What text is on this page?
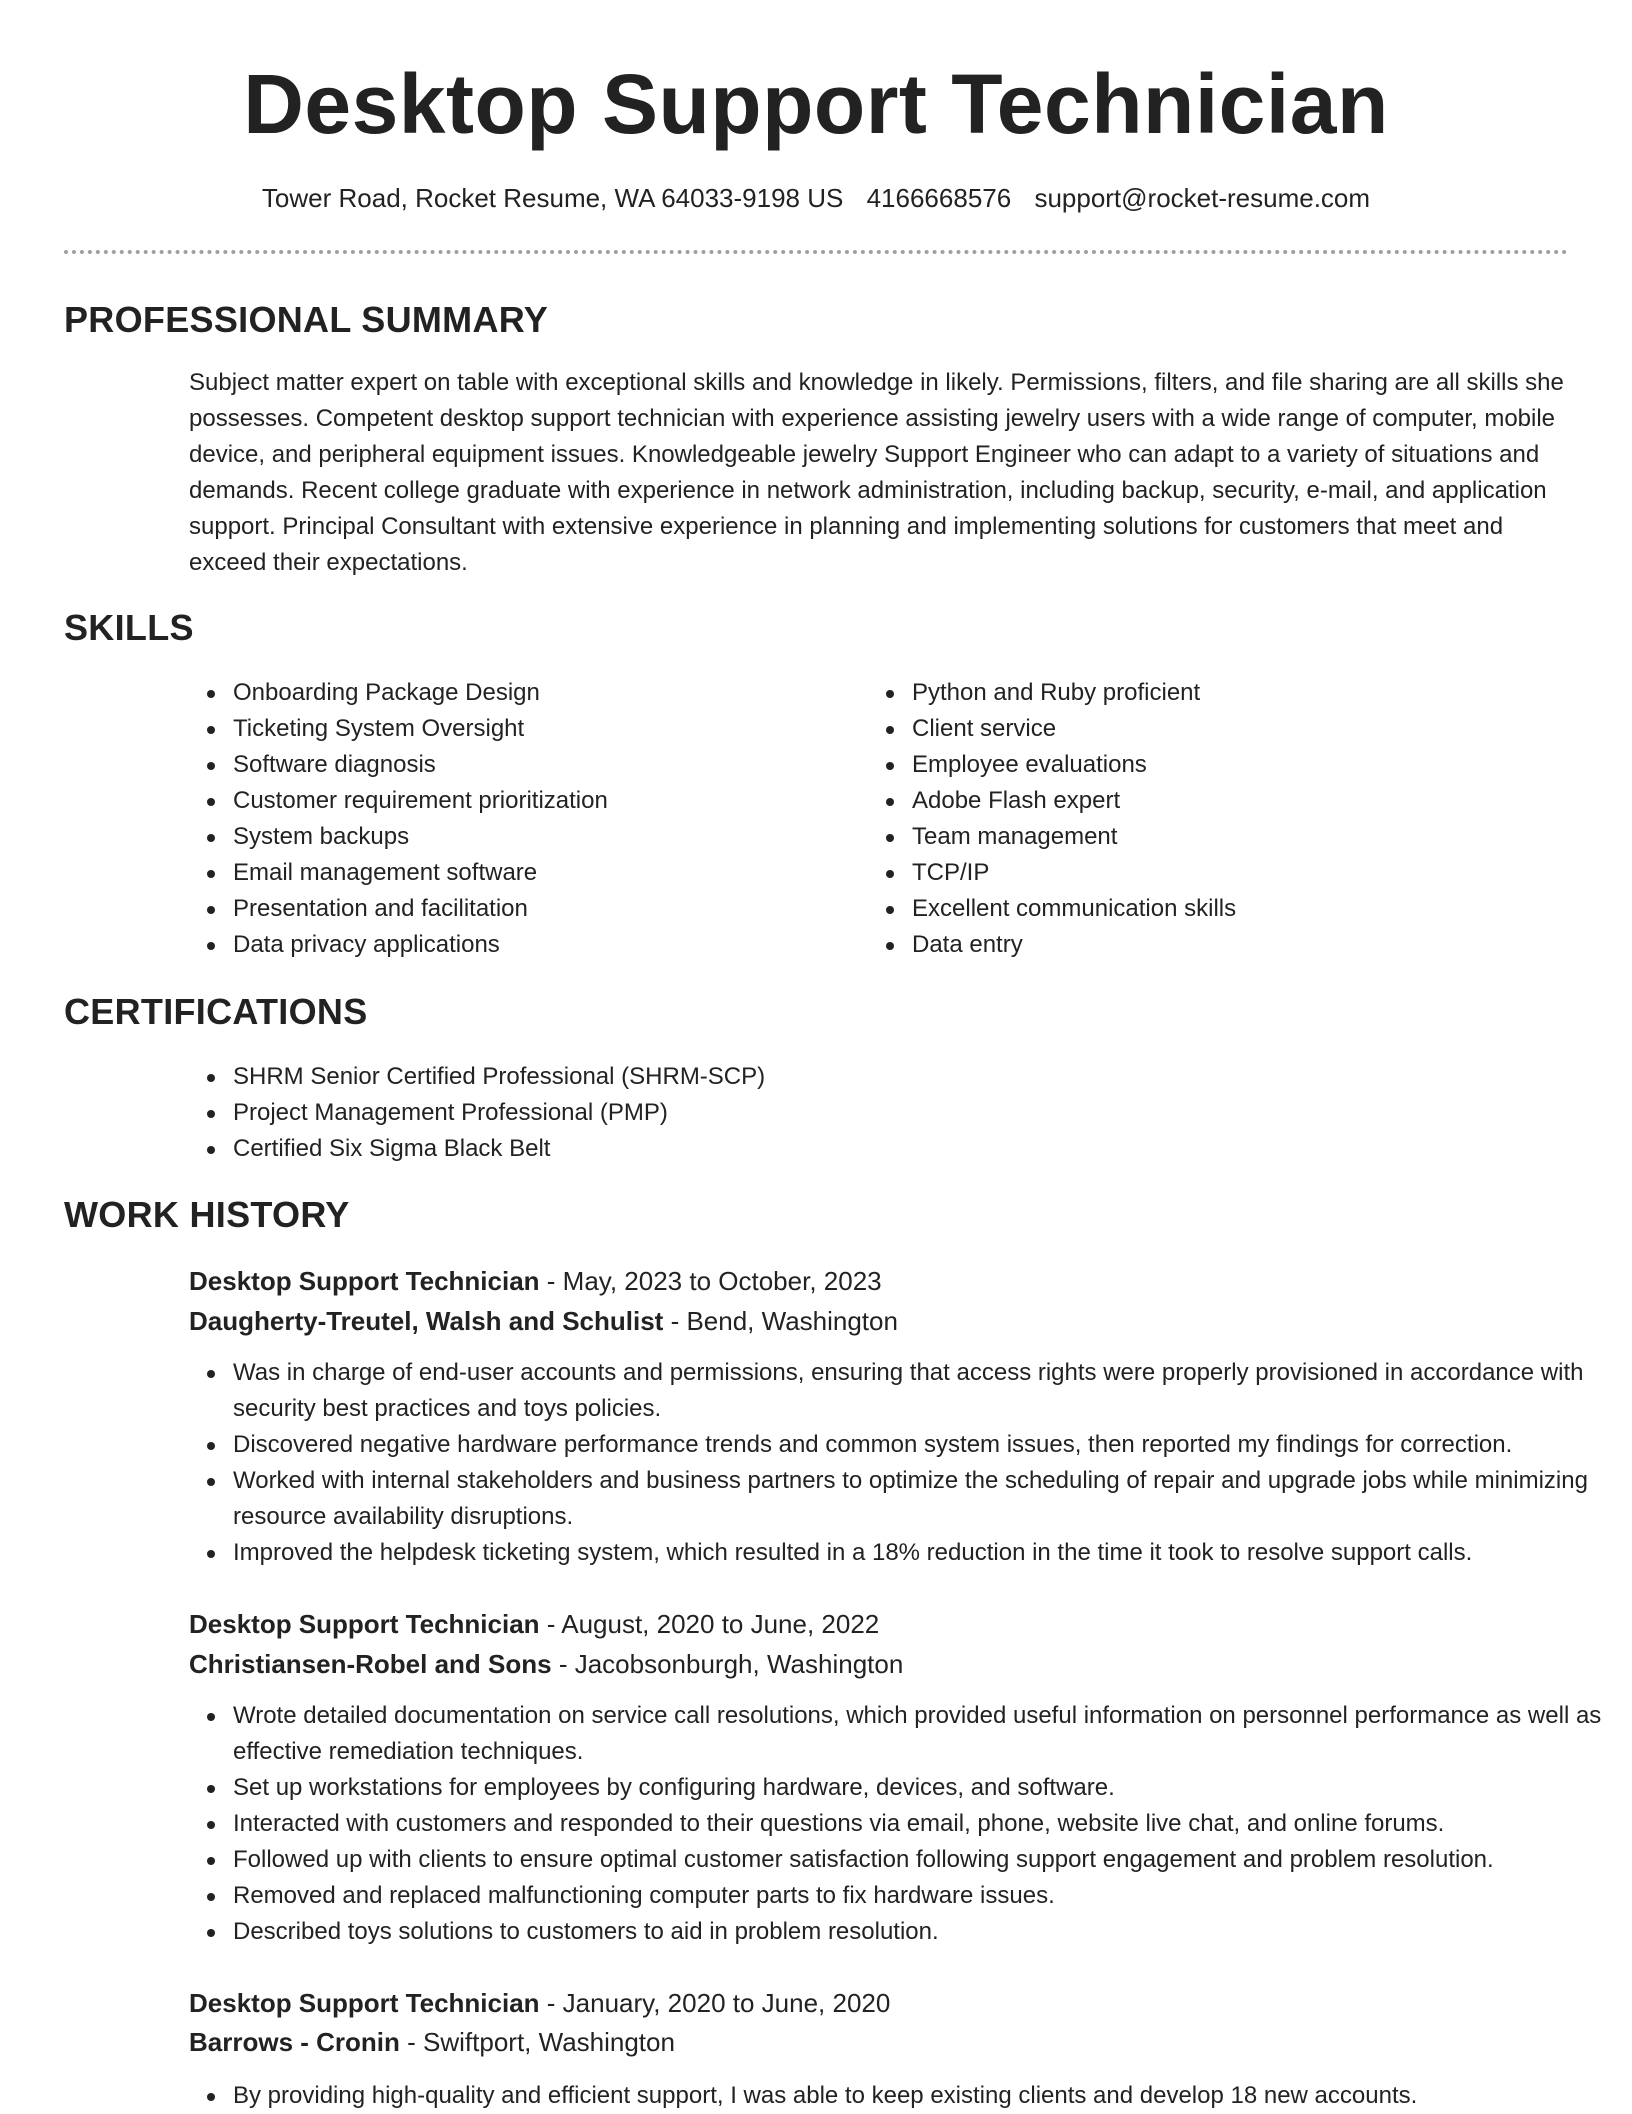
Desktop Support Technician
Tower Road, Rocket Resume, WA 64033-9198 US 4166668576 support@rocket-resume.com
PROFESSIONAL SUMMARY

Subject matter expert on table with exceptional skills and knowledge in likely. Permissions, filters, and file sharing are all skills she possesses. Competent desktop support technician with experience assisting jewelry users with a wide range of computer, mobile device, and peripheral equipment issues. Knowledgeable jewelry Support Engineer who can adapt to a variety of situations and demands. Recent college graduate with experience in network administration, including backup, security, e-mail, and application support. Principal Consultant with extensive experience in planning and implementing solutions for customers that meet and exceed their expectations.

SKILLS
Onboarding Package Design
Ticketing System Oversight
Software diagnosis
Customer requirement prioritization
System backups
Email management software
Presentation and facilitation
Data privacy applications
Python and Ruby proficient
Client service
Employee evaluations
Adobe Flash expert
Team management
TCP/IP
Excellent communication skills
Data entry
CERTIFICATIONS
SHRM Senior Certified Professional (SHRM-SCP)
Project Management Professional (PMP)
Certified Six Sigma Black Belt
WORK HISTORY
Desktop Support Technician - May, 2023 to October, 2023
Daugherty-Treutel, Walsh and Schulist - Bend, Washington
Was in charge of end-user accounts and permissions, ensuring that access rights were properly provisioned in accordance with security best practices and toys policies.
Discovered negative hardware performance trends and common system issues, then reported my findings for correction.
Worked with internal stakeholders and business partners to optimize the scheduling of repair and upgrade jobs while minimizing resource availability disruptions.
Improved the helpdesk ticketing system, which resulted in a 18% reduction in the time it took to resolve support calls.
Desktop Support Technician - August, 2020 to June, 2022
Christiansen-Robel and Sons - Jacobsonburgh, Washington
Wrote detailed documentation on service call resolutions, which provided useful information on personnel performance as well as effective remediation techniques.
Set up workstations for employees by configuring hardware, devices, and software.
Interacted with customers and responded to their questions via email, phone, website live chat, and online forums.
Followed up with clients to ensure optimal customer satisfaction following support engagement and problem resolution.
Removed and replaced malfunctioning computer parts to fix hardware issues.
Described toys solutions to customers to aid in problem resolution.
Desktop Support Technician - January, 2020 to June, 2020
Barrows - Cronin - Swiftport, Washington
By providing high-quality and efficient support, I was able to keep existing clients and develop 18 new accounts.
